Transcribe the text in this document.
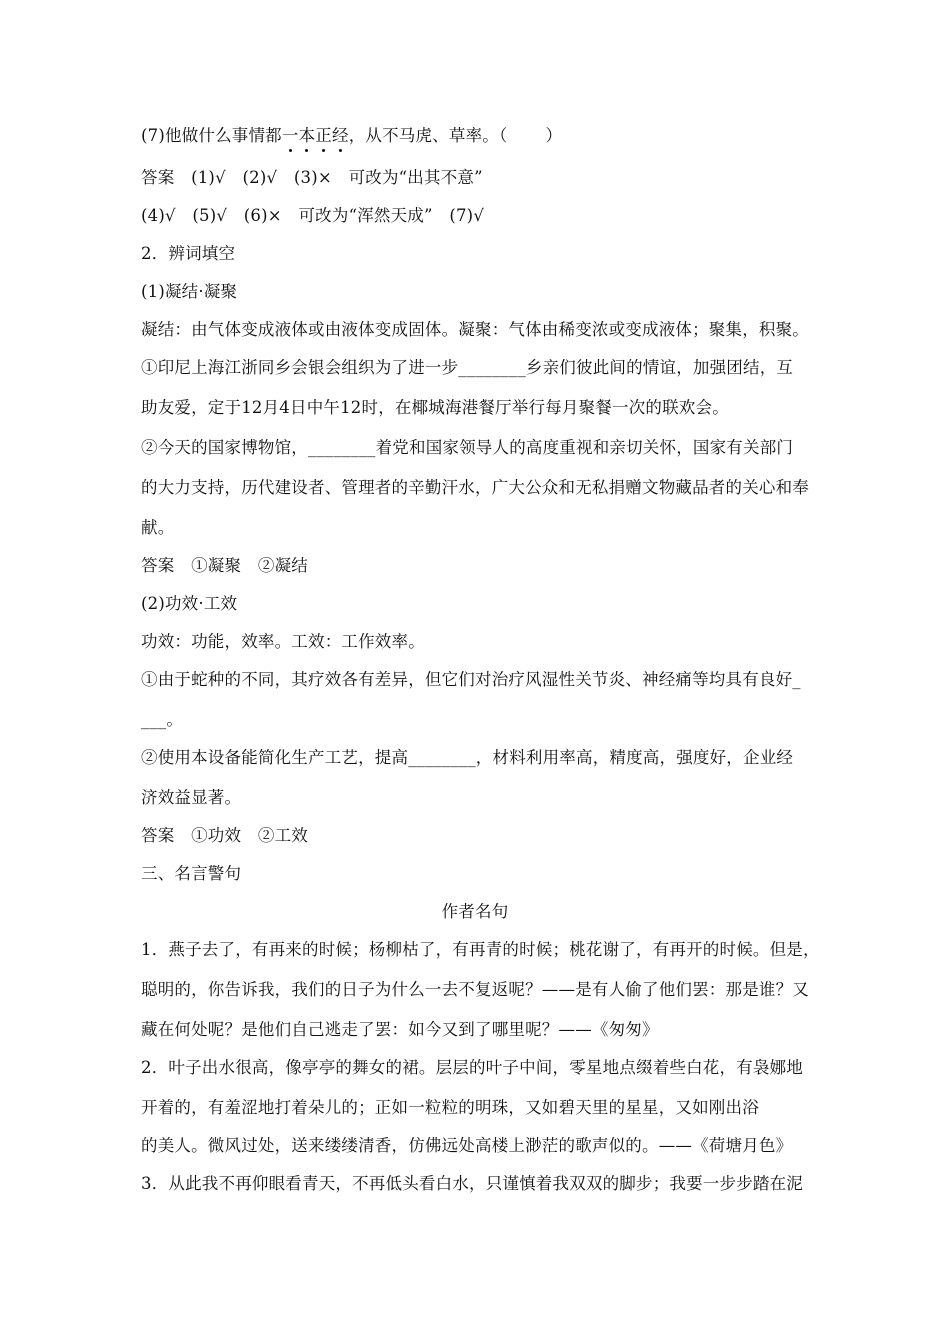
(7)他做什么事情都一本正经，从不马虎、草率。（ ）
答案　(1)√　(2)√　(3)×　可改为“出其不意”
(4)√　(5)√　(6)×　可改为“浑然天成”　(7)√
2．辨词填空
(1)凝结·凝聚
凝结：由气体变成液体或由液体变成固体。凝聚：气体由稀变浓或变成液体；聚集，积聚。
①印尼上海江浙同乡会银会组织为了进一步________乡亲们彼此间的情谊，加强团结，互
助友爱，定于12月4日中午12时，在椰城海港餐厅举行每月聚餐一次的联欢会。
②今天的国家博物馆，________着党和国家领导人的高度重视和亲切关怀，国家有关部门
的大力支持，历代建设者、管理者的辛勤汗水，广大公众和无私捐赠文物藏品者的关心和奉
献。
答案　①凝聚　②凝结
(2)功效·工效
功效：功能，效率。工效：工作效率。
①由于蛇种的不同，其疗效各有差异，但它们对治疗风湿性关节炎、神经痛等均具有良好_
___。
②使用本设备能简化生产工艺，提高________，材料利用率高，精度高，强度好，企业经
济效益显著。
答案　①功效　②工效
三、名言警句
作者名句
1．燕子去了，有再来的时候；杨柳枯了，有再青的时候；桃花谢了，有再开的时候。但是，
聪明的，你告诉我，我们的日子为什么一去不复返呢？——是有人偷了他们罢：那是谁？又
藏在何处呢？是他们自己逃走了罢：如今又到了哪里呢？——《匆匆》
2．叶子出水很高，像亭亭的舞女的裙。层层的叶子中间，零星地点缀着些白花，有袅娜地
开着的，有羞涩地打着朵儿的；正如一粒粒的明珠，又如碧天里的星星，又如刚出浴
的美人。微风过处，送来缕缕清香，仿佛远处高楼上渺茫的歌声似的。——《荷塘月色》
3．从此我不再仰眼看青天，不再低头看白水，只谨慎着我双双的脚步；我要一步步踏在泥
